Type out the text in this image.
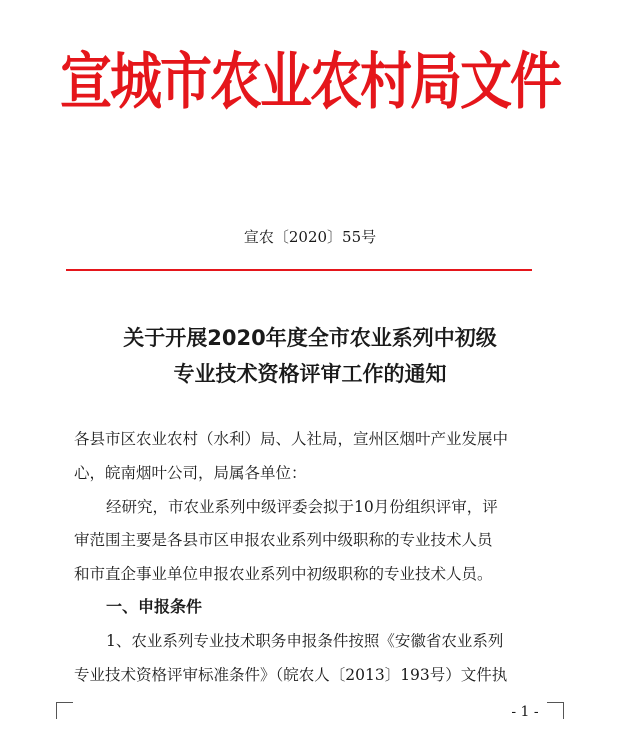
宣城市农业农村局文件
宣农〔2020〕55号
关于开展2020年度全市农业系列中初级
专业技术资格评审工作的通知
各县市区农业农村（水利）局、人社局，宣州区烟叶产业发展中
心，皖南烟叶公司，局属各单位：
经研究，市农业系列中级评委会拟于10月份组织评审，评
审范围主要是各县市区申报农业系列中级职称的专业技术人员
和市直企事业单位申报农业系列中初级职称的专业技术人员。
一、申报条件
1、农业系列专业技术职务申报条件按照《安徽省农业系列
专业技术资格评审标准条件》（皖农人〔2013〕193号）文件执
- 1 -
